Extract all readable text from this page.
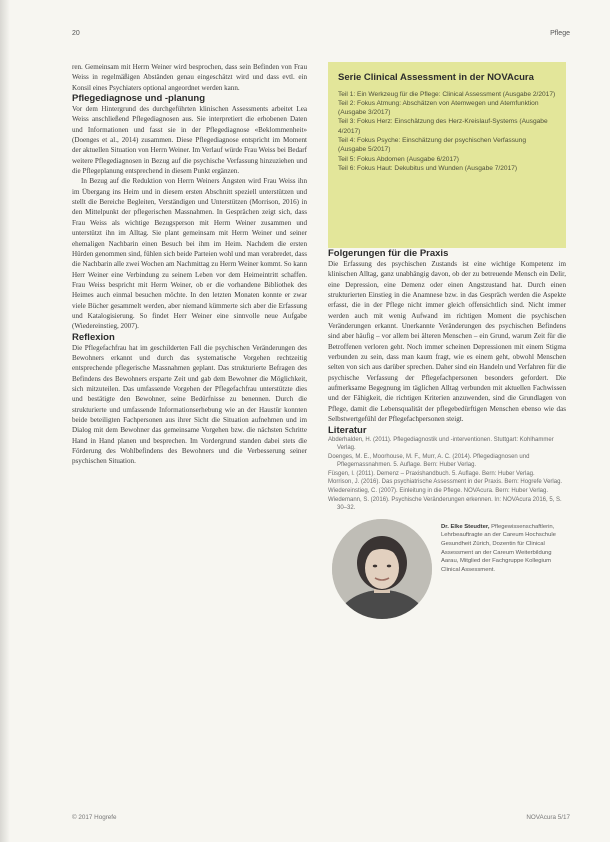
20	Pflege

ren. Gemeinsam mit Herrn Weiner wird besprochen, dass sein Befinden von Frau Weiss in regelmäßigen Abständen genau eingeschätzt wird und dass evtl. ein Konsil eines Psychiaters optional angeordnet werden kann.

Pflegediagnose und -planung

Vor dem Hintergrund des durchgeführten klinischen Assessments arbeitet Lea Weiss anschließend Pflegediagnosen aus. Sie interpretiert die erhobenen Daten und Informationen und fasst sie in der Pflegediagnose «Beklommenheit» (Doenges et al., 2014) zusammen. Diese Pflegediagnose entspricht im Moment der aktuellen Situation von Herrn Weiner. Im Verlauf würde Frau Weiss bei Bedarf weitere Pflegediagnosen in Bezug auf die psychische Verfassung hinzuziehen und die Pflegeplanung entsprechend in diesem Punkt ergänzen.

In Bezug auf die Reduktion von Herrn Weiners Ängsten wird Frau Weiss ihn im Übergang ins Heim und in diesem ersten Abschnitt speziell unterstützen und stellt die Bereiche Begleiten, Verständigen und Unterstützen (Morrison, 2016) in den Mittelpunkt der pflegerischen Massnahmen. In Gesprächen zeigt sich, dass Frau Weiss als wichtige Bezugsperson mit Herrn Weiner zusammen und unterstützt ihn im Alltag. Sie plant gemeinsam mit Herrn Weiner und seiner ehemaligen Nachbarin einen Besuch bei ihm im Heim. Nachdem die ersten Hürden genommen sind, fühlen sich beide Parteien wohl und man verabredet, dass die Nachbarin alle zwei Wochen am Nachmittag zu Herrn Weiner kommt. So kann Herr Weiner eine Verbindung zu seinem Leben vor dem Heimeintritt schaffen. Frau Weiss bespricht mit Herrn Weiner, ob er die vorhandene Bibliothek des Heimes auch einmal besuchen möchte. In den letzten Monaten konnte er zwar viele Bücher gesammelt werden, aber niemand kümmerte sich aber die Erfassung und Katalogisierung. So findet Herr Weiner eine sinnvolle neue Aufgabe (Wiedereinstieg, 2007).

Reflexion

Die Pflegefachfrau hat im geschilderten Fall die psychischen Veränderungen des Bewohners erkannt und durch das systematische Vorgehen rechtzeitig entsprechende pflegerische Massnahmen geplant. Das strukturierte Befragen des Befindens des Bewohners ersparte Zeit und gab dem Bewohner die Möglichkeit, sich mitzuteilen. Das umfassende Vorgehen der Pflegefachfrau unterstützte dies und bestätigte den Bewohner, seine Bedürfnisse zu benennen. Durch die strukturierte und umfassende Informationserhebung wie an der Haustür konnten beide beteiligten Fachpersonen aus ihrer Sicht die Situation aufnehmen und im Dialog mit dem Bewohner das gemeinsame Vorgehen bzw. die nächsten Schritte Hand in Hand planen und besprechen. Im Vordergrund standen dabei stets die Förderung des Wohlbefindens des Bewohners und die Verbesserung seiner psychischen Situation.

Serie Clinical Assessment in der NOVAcura
Teil 1: Ein Werkzeug für die Pflege: Clinical Assessment (Ausgabe 2/2017)
Teil 2: Fokus Atmung: Abschätzen von Atemwegen und Atemfunktion (Ausgabe 3/2017)
Teil 3: Fokus Herz: Einschätzung des Herz-Kreislauf-Systems (Ausgabe 4/2017)
Teil 4: Fokus Psyche: Einschätzung der psychischen Verfassung (Ausgabe 5/2017)
Teil 5: Fokus Abdomen (Ausgabe 6/2017)
Teil 6: Fokus Haut: Dekubitus und Wunden (Ausgabe 7/2017)
Folgerungen für die Praxis

Die Erfassung des psychischen Zustands ist eine wichtige Kompetenz im klinischen Alltag, ganz unabhängig davon, ob der zu betreuende Mensch ein Delir, eine Depression, eine Demenz oder einen Angstzustand hat. Durch einen strukturierten Einstieg in die Anamnese bzw. in das Gespräch werden die Aspekte erfasst, die in der Pflege nicht immer gleich offensichtlich sind. Nicht immer werden auch mit wenig Aufwand im richtigen Moment die psychischen Veränderungen erkannt. Unerkannte Veränderungen des psychischen Befindens sind aber häufig – vor allem bei älteren Menschen – ein Grund, warum Zeit für die Betroffenen verloren geht. Noch immer scheinen Depressionen mit einem Stigma verbunden zu sein, dass man kaum fragt, wie es einem geht, obwohl Menschen selten von sich aus darüber sprechen. Daher sind ein Handeln und Verfahren für die psychische Verfassung der Pflegefachpersonen besonders gefordert. Die aufmerksame Begegnung im täglichen Alltag verbunden mit aktuellen Fachwissen und der Fähigkeit, die richtigen Kriterien anzuwenden, sind die Grundlagen von Pflege, damit die Lebensqualität der pflegebedürftigen Menschen ebenso wie das Selbstwertgefühl der Pflegefachpersonen steigt.

Literatur
Abderhalden, H. (2011). Pflegediagnostik und -interventionen. Stuttgart: Kohlhammer Verlag.
Doenges, M. E., Moorhouse, M. F., Murr, A. C. (2014). Pflegediagnosen und Pflegemassnahmen. 5. Auflage. Bern: Huber Verlag.
Füsgen, I. (2011). Demenz – Praxishandbuch. 5. Auflage. Bern: Huber Verlag.
Morrison, J. (2016). Das psychiatrische Assessment in der Praxis. Bern: Hogrefe Verlag.
Wiedereinstieg, C. (2007). Einleitung in die Pflege. NOVAcura. Bern: Huber Verlag.
Wiedemann, S. (2016). Psychische Veränderungen erkennen. In: NOVAcura 2016, 5, S. 30–32.
Dr. Elke Steudter, Pflegewissenschaftlerin, Lehrbeauftragte an der Careum Hochschule Gesundheit Zürich, Dozentin für Clinical Assessment an der Careum Weiterbildung Aarau, Mitglied der Fachgruppe Kollegium Clinical Assessment.
© 2017 Hogrefe	NOVAcura 5/17
